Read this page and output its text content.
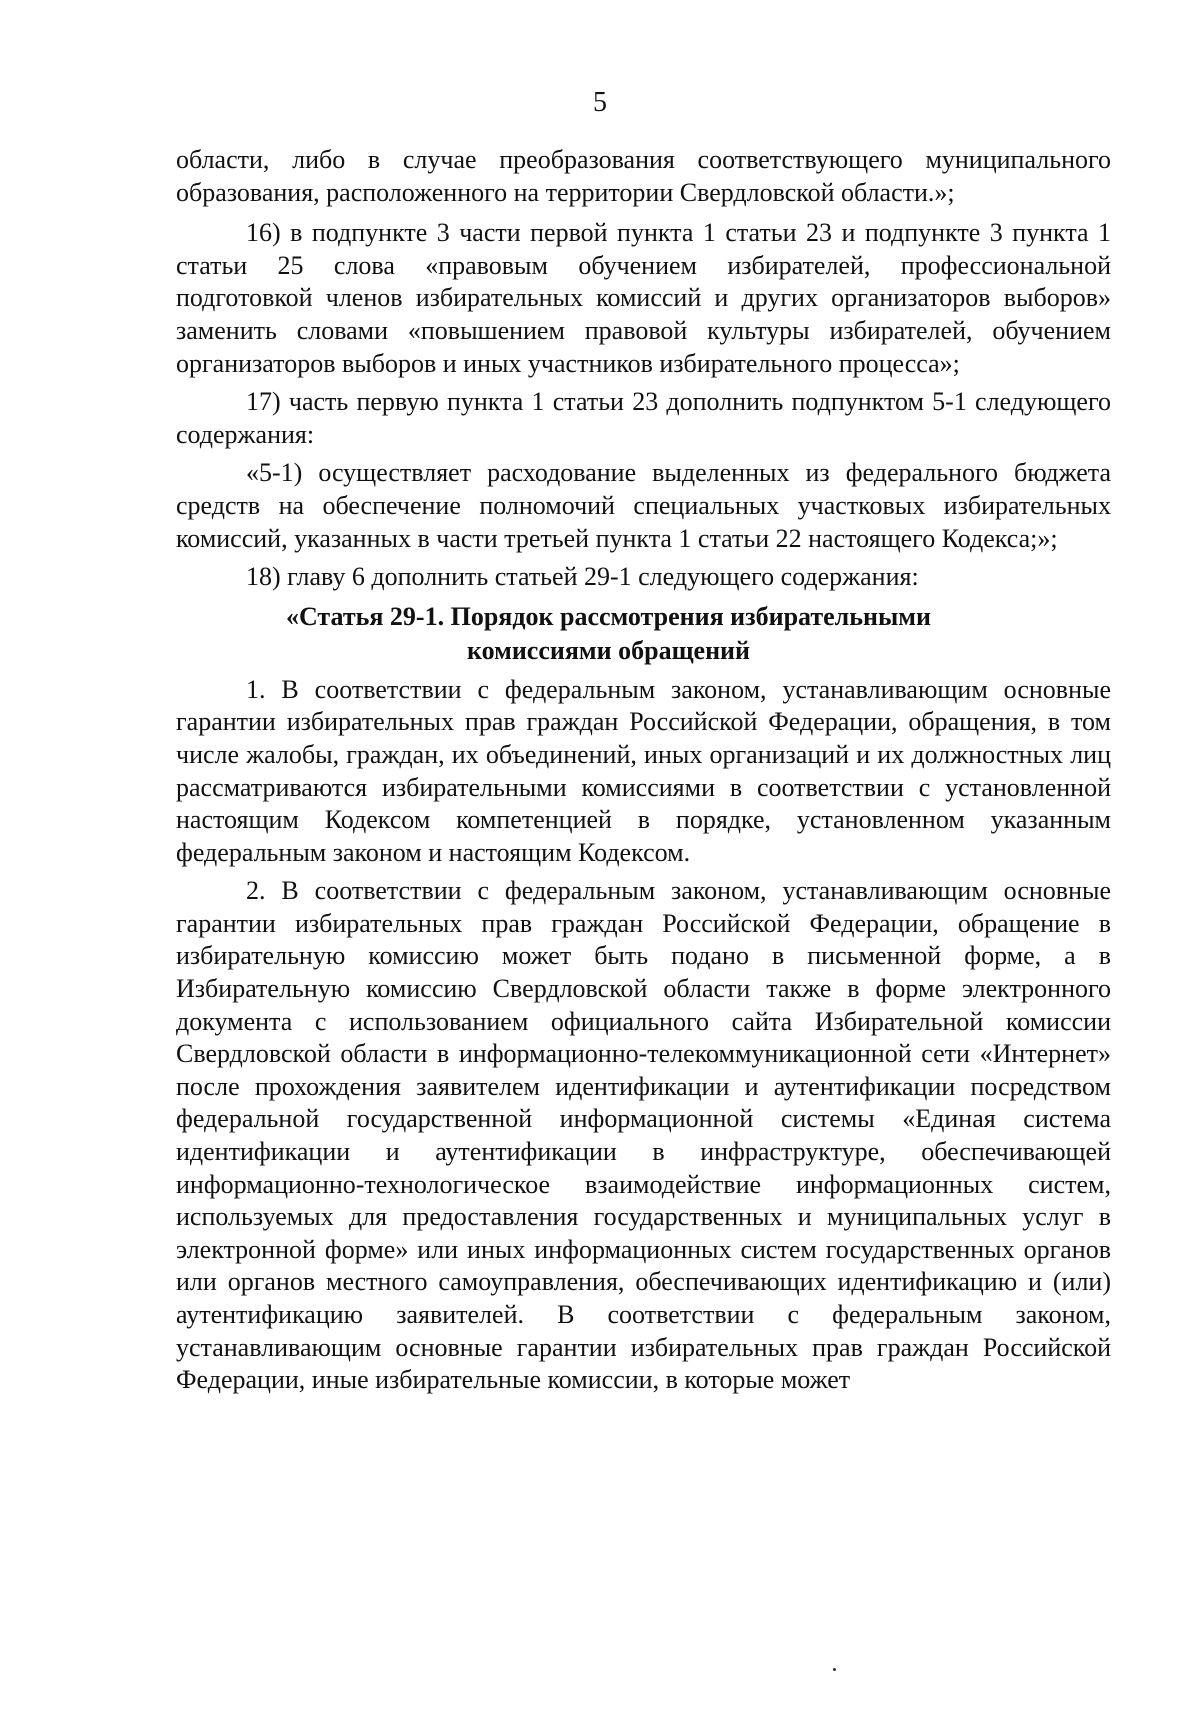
5

области, либо в случае преобразования соответствующего муниципального образования, расположенного на территории Свердловской области.»;

16) в подпункте 3 части первой пункта 1 статьи 23 и подпункте 3 пункта 1 статьи 25 слова «правовым обучением избирателей, профессиональной подготовкой членов избирательных комиссий и других организаторов выборов» заменить словами «повышением правовой культуры избирателей, обучением организаторов выборов и иных участников избирательного процесса»;

17) часть первую пункта 1 статьи 23 дополнить подпунктом 5-1 следующего содержания:

«5-1) осуществляет расходование выделенных из федерального бюджета средств на обеспечение полномочий специальных участковых избирательных комиссий, указанных в части третьей пункта 1 статьи 22 настоящего Кодекса;»;

18) главу 6 дополнить статьей 29-1 следующего содержания:

«Статья 29-1. Порядок рассмотрения избирательными
комиссиями обращений

1. В соответствии с федеральным законом, устанавливающим основные гарантии избирательных прав граждан Российской Федерации, обращения, в том числе жалобы, граждан, их объединений, иных организаций и их должностных лиц рассматриваются избирательными комиссиями в соответствии с установленной настоящим Кодексом компетенцией в порядке, установленном указанным федеральным законом и настоящим Кодексом.

2. В соответствии с федеральным законом, устанавливающим основные гарантии избирательных прав граждан Российской Федерации, обращение в избирательную комиссию может быть подано в письменной форме, а в Избирательную комиссию Свердловской области также в форме электронного документа с использованием официального сайта Избирательной комиссии Свердловской области в информационно-телекоммуникационной сети «Интернет» после прохождения заявителем идентификации и аутентификации посредством федеральной государственной информационной системы «Единая система идентификации и аутентификации в инфраструктуре, обеспечивающей информационно-технологическое взаимодействие информационных систем, используемых для предоставления государственных и муниципальных услуг в электронной форме» или иных информационных систем государственных органов или органов местного самоуправления, обеспечивающих идентификацию и (или) аутентификацию заявителей. В соответствии с федеральным законом, устанавливающим основные гарантии избирательных прав граждан Российской Федерации, иные избирательные комиссии, в которые может
